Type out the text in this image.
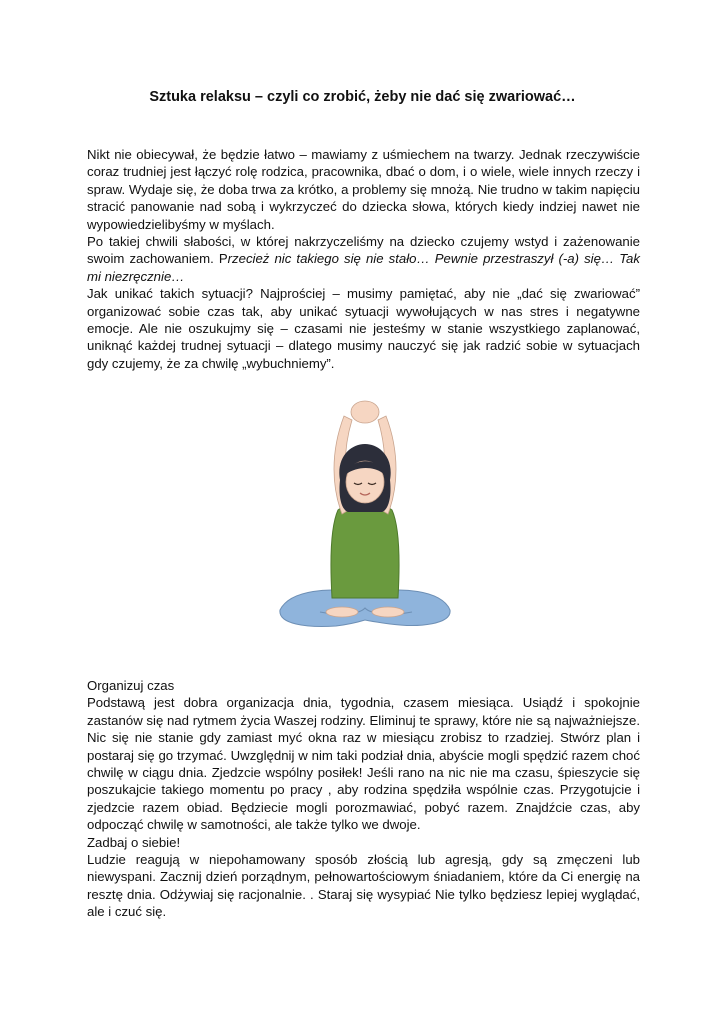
Sztuka relaksu – czyli co zrobić, żeby nie dać się zwariować…

Nikt nie obiecywał, że będzie łatwo – mawiamy z uśmiechem na twarzy. Jednak rzeczywiście coraz trudniej jest łączyć rolę rodzica, pracownika, dbać o dom, i o wiele, wiele innych rzeczy i spraw. Wydaje się, że doba trwa za krótko, a problemy się mnożą. Nie trudno w takim napięciu stracić panowanie nad sobą i wykrzyczeć do dziecka słowa, których kiedy indziej nawet nie wypowiedzielibyśmy w myślach.

Po takiej chwili słabości, w której nakrzyczeliśmy na dziecko czujemy wstyd i zażenowanie swoim zachowaniem. Przecież nic takiego się nie stało… Pewnie przestraszył (-a) się… Tak mi niezręcznie…

Jak unikać takich sytuacji? Najprościej – musimy pamiętać, aby nie „dać się zwariować” organizować sobie czas tak, aby unikać sytuacji wywołujących w nas stres i negatywne emocje. Ale nie oszukujmy się – czasami nie jesteśmy w stanie wszystkiego zaplanować, uniknąć każdej trudnej sytuacji – dlatego musimy nauczyć się jak radzić sobie w sytuacjach gdy czujemy, że za chwilę „wybuchniemy”.

Organizuj czas

Podstawą jest dobra organizacja dnia, tygodnia, czasem miesiąca. Usiądź i spokojnie zastanów się nad rytmem życia Waszej rodziny. Eliminuj te sprawy, które nie są najważniejsze. Nic się nie stanie gdy zamiast myć okna raz w miesiącu zrobisz to rzadziej. Stwórz plan i postaraj się go trzymać. Uwzględnij w nim taki podział dnia, abyście mogli spędzić razem choć chwilę w ciągu dnia. Zjedzcie wspólny posiłek! Jeśli rano na nic nie ma czasu, śpieszycie się poszukajcie takiego momentu po pracy , aby rodzina spędziła wspólnie czas. Przygotujcie i zjedzcie razem obiad. Będziecie mogli porozmawiać, pobyć razem. Znajdźcie czas, aby odpocząć chwilę w samotności, ale także tylko we dwoje.

Zadbaj o siebie!

Ludzie reagują w niepohamowany sposób złością lub agresją, gdy są zmęczeni lub niewyspani. Zacznij dzień porządnym, pełnowartościowym śniadaniem, które da Ci energię na resztę dnia. Odżywiaj się racjonalnie. . Staraj się wysypiać Nie tylko będziesz lepiej wyglądać, ale i czuć się.
